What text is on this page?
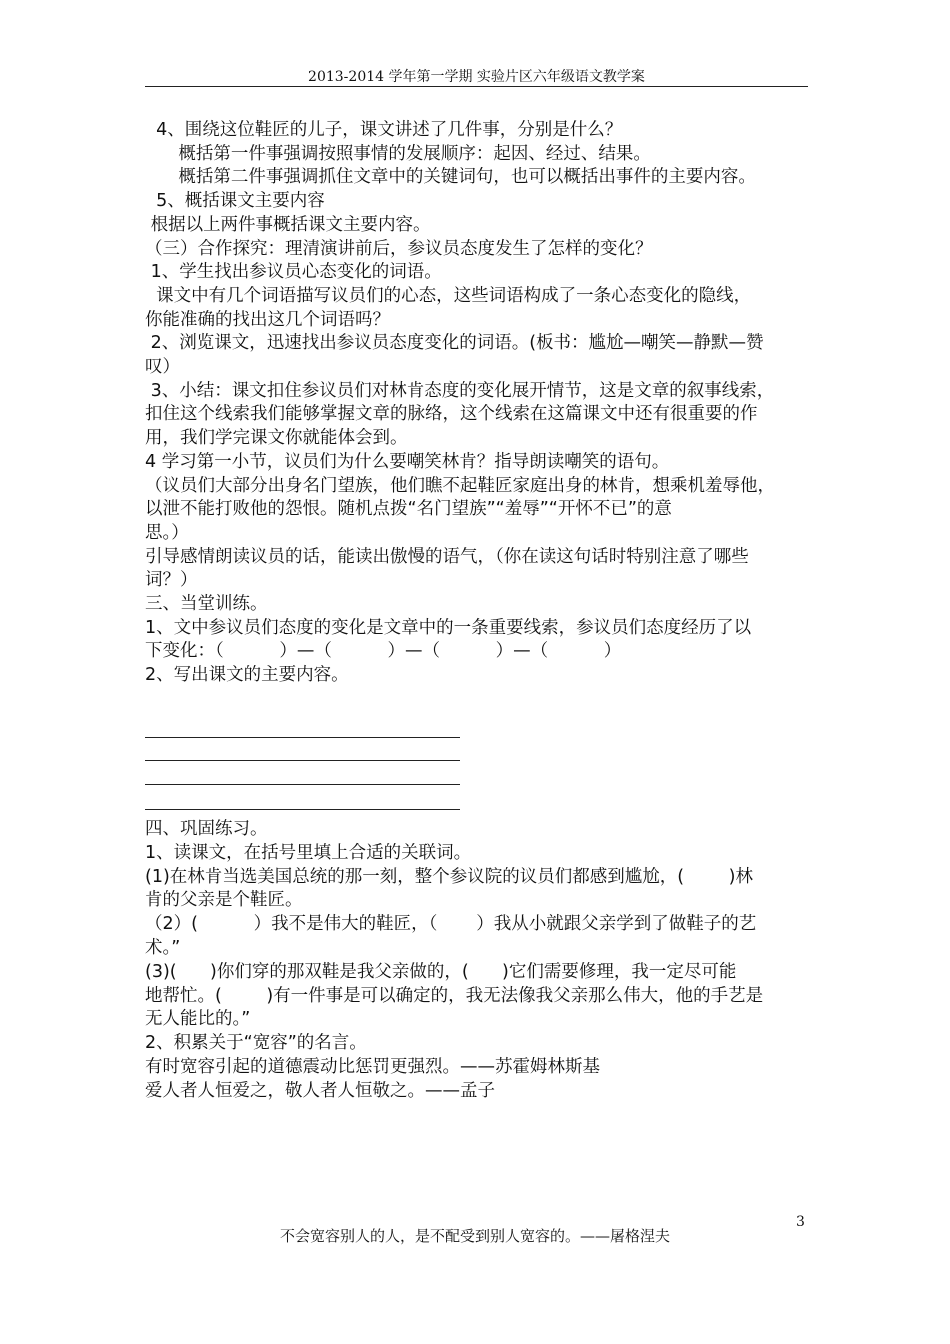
2013-2014 学年第一学期 实验片区六年级语文教学案
4、围绕这位鞋匠的儿子，课文讲述了几件事，分别是什么？
概括第一件事强调按照事情的发展顺序：起因、经过、结果。
概括第二件事强调抓住文章中的关键词句，也可以概括出事件的主要内容。
5、概括课文主要内容
根据以上两件事概括课文主要内容。
（三）合作探究：理清演讲前后，参议员态度发生了怎样的变化？
1、学生找出参议员心态变化的词语。
课文中有几个词语描写议员们的心态，这些词语构成了一条心态变化的隐线，
你能准确的找出这几个词语吗？
2、浏览课文，迅速找出参议员态度变化的词语。(板书：尴尬—嘲笑—静默—赞
叹）
3、小结：课文扣住参议员们对林肯态度的变化展开情节，这是文章的叙事线索，
扣住这个线索我们能够掌握文章的脉络，这个线索在这篇课文中还有很重要的作
用，我们学完课文你就能体会到。
4 学习第一小节，议员们为什么要嘲笑林肯？指导朗读嘲笑的语句。
（议员们大部分出身名门望族，他们瞧不起鞋匠家庭出身的林肯，想乘机羞辱他，
以泄不能打败他的怨恨。随机点拨“名门望族”“羞辱”“开怀不已”的意
思。）
引导感情朗读议员的话，能读出傲慢的语气，（你在读这句话时特别注意了哪些
词？）
三、当堂训练。
1、文中参议员们态度的变化是文章中的一条重要线索，参议员们态度经历了以
下变化：（          ）—（          ）—（          ）—（          ）
2、写出课文的主要内容。
四、巩固练习。
1、读课文，在括号里填上合适的关联词。
(1)在林肯当选美国总统的那一刻，整个参议院的议员们都感到尴尬，(        )林
肯的父亲是个鞋匠。
（2）(          ）我不是伟大的鞋匠，（       ）我从小就跟父亲学到了做鞋子的艺
术。”
(3)(      )你们穿的那双鞋是我父亲做的，(      )它们需要修理，我一定尽可能
地帮忙。(        )有一件事是可以确定的，我无法像我父亲那么伟大，他的手艺是
无人能比的。”
2、积累关于“宽容”的名言。
有时宽容引起的道德震动比惩罚更强烈。——苏霍姆林斯基
爱人者人恒爱之，敬人者人恒敬之。——孟子
3
不会宽容别人的人，是不配受到别人宽容的。——屠格涅夫
